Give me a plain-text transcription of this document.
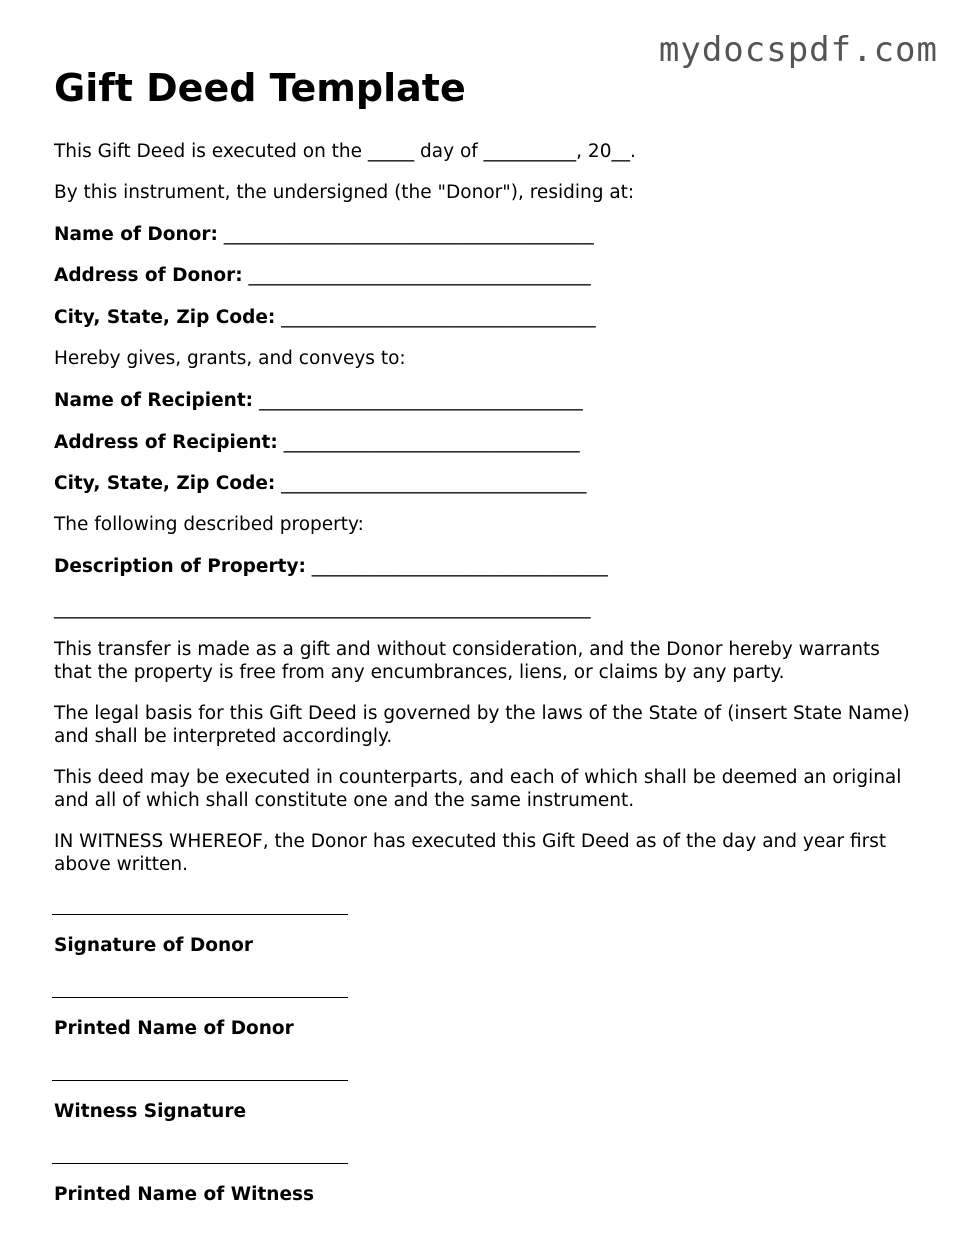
mydocspdf.com
Gift Deed Template
This Gift Deed is executed on the _____ day of __________, 20__.
By this instrument, the undersigned (the "Donor"), residing at:
Name of Donor: ________________________________________
Address of Donor: _____________________________________
City, State, Zip Code: __________________________________
Hereby gives, grants, and conveys to:
Name of Recipient: ___________________________________
Address of Recipient: ________________________________
City, State, Zip Code: _________________________________
The following described property:
Description of Property: ________________________________
__________________________________________________________
This transfer is made as a gift and without consideration, and the Donor hereby warrants that the property is free from any encumbrances, liens, or claims by any party.
The legal basis for this Gift Deed is governed by the laws of the State of (insert State Name) and shall be interpreted accordingly.
This deed may be executed in counterparts, and each of which shall be deemed an original and all of which shall constitute one and the same instrument.
IN WITNESS WHEREOF, the Donor has executed this Gift Deed as of the day and year first above written.
Signature of Donor
Printed Name of Donor
Witness Signature
Printed Name of Witness
